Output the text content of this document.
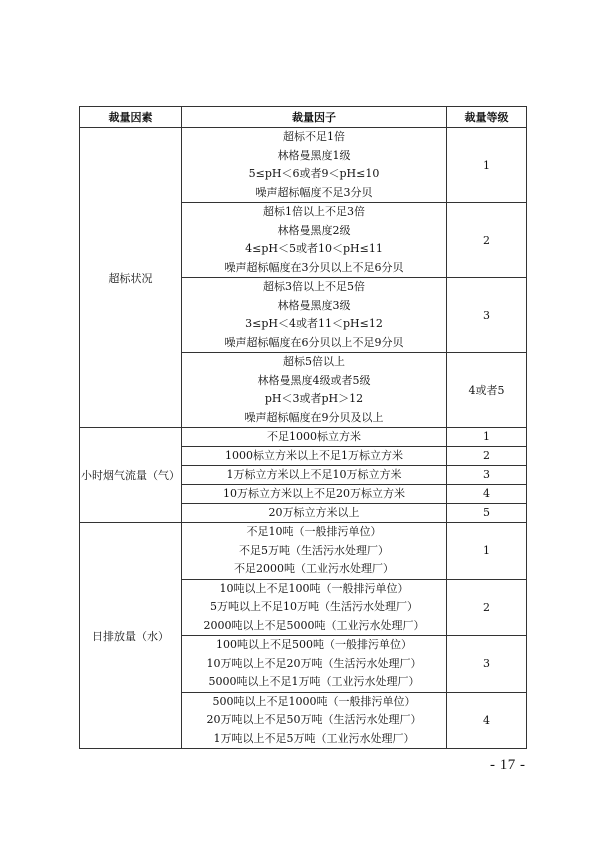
裁量因素	裁量因子	裁量等级
超标状况	超标不足1倍
林格曼黑度1级
5≤pH＜6或者9＜pH≤10
噪声超标幅度不足3分贝	1

	超标1倍以上不足3倍
林格曼黑度2级
4≤pH＜5或者10＜pH≤11
噪声超标幅度在3分贝以上不足6分贝	2

	超标3倍以上不足5倍
林格曼黑度3级
3≤pH＜4或者11＜pH≤12
噪声超标幅度在6分贝以上不足9分贝	3

	超标5倍以上
林格曼黑度4级或者5级
pH＜3或者pH＞12
噪声超标幅度在9分贝及以上	4或者5
小时烟气流量（气）	不足1000标立方米	1
	1000标立方米以上不足1万标立方米	2
	1万标立方米以上不足10万标立方米	3
	10万标立方米以上不足20万标立方米	4
	20万标立方米以上	5
日排放量（水）	不足10吨（一般排污单位）
不足5万吨（生活污水处理厂）
不足2000吨（工业污水处理厂）	1

	10吨以上不足100吨（一般排污单位）
5万吨以上不足10万吨（生活污水处理厂）
2000吨以上不足5000吨（工业污水处理厂）	2

	100吨以上不足500吨（一般排污单位）
10万吨以上不足20万吨（生活污水处理厂）
5000吨以上不足1万吨（工业污水处理厂）	3

	500吨以上不足1000吨（一般排污单位）
20万吨以上不足50万吨（生活污水处理厂）
1万吨以上不足5万吨（工业污水处理厂）	4
- 17 -
